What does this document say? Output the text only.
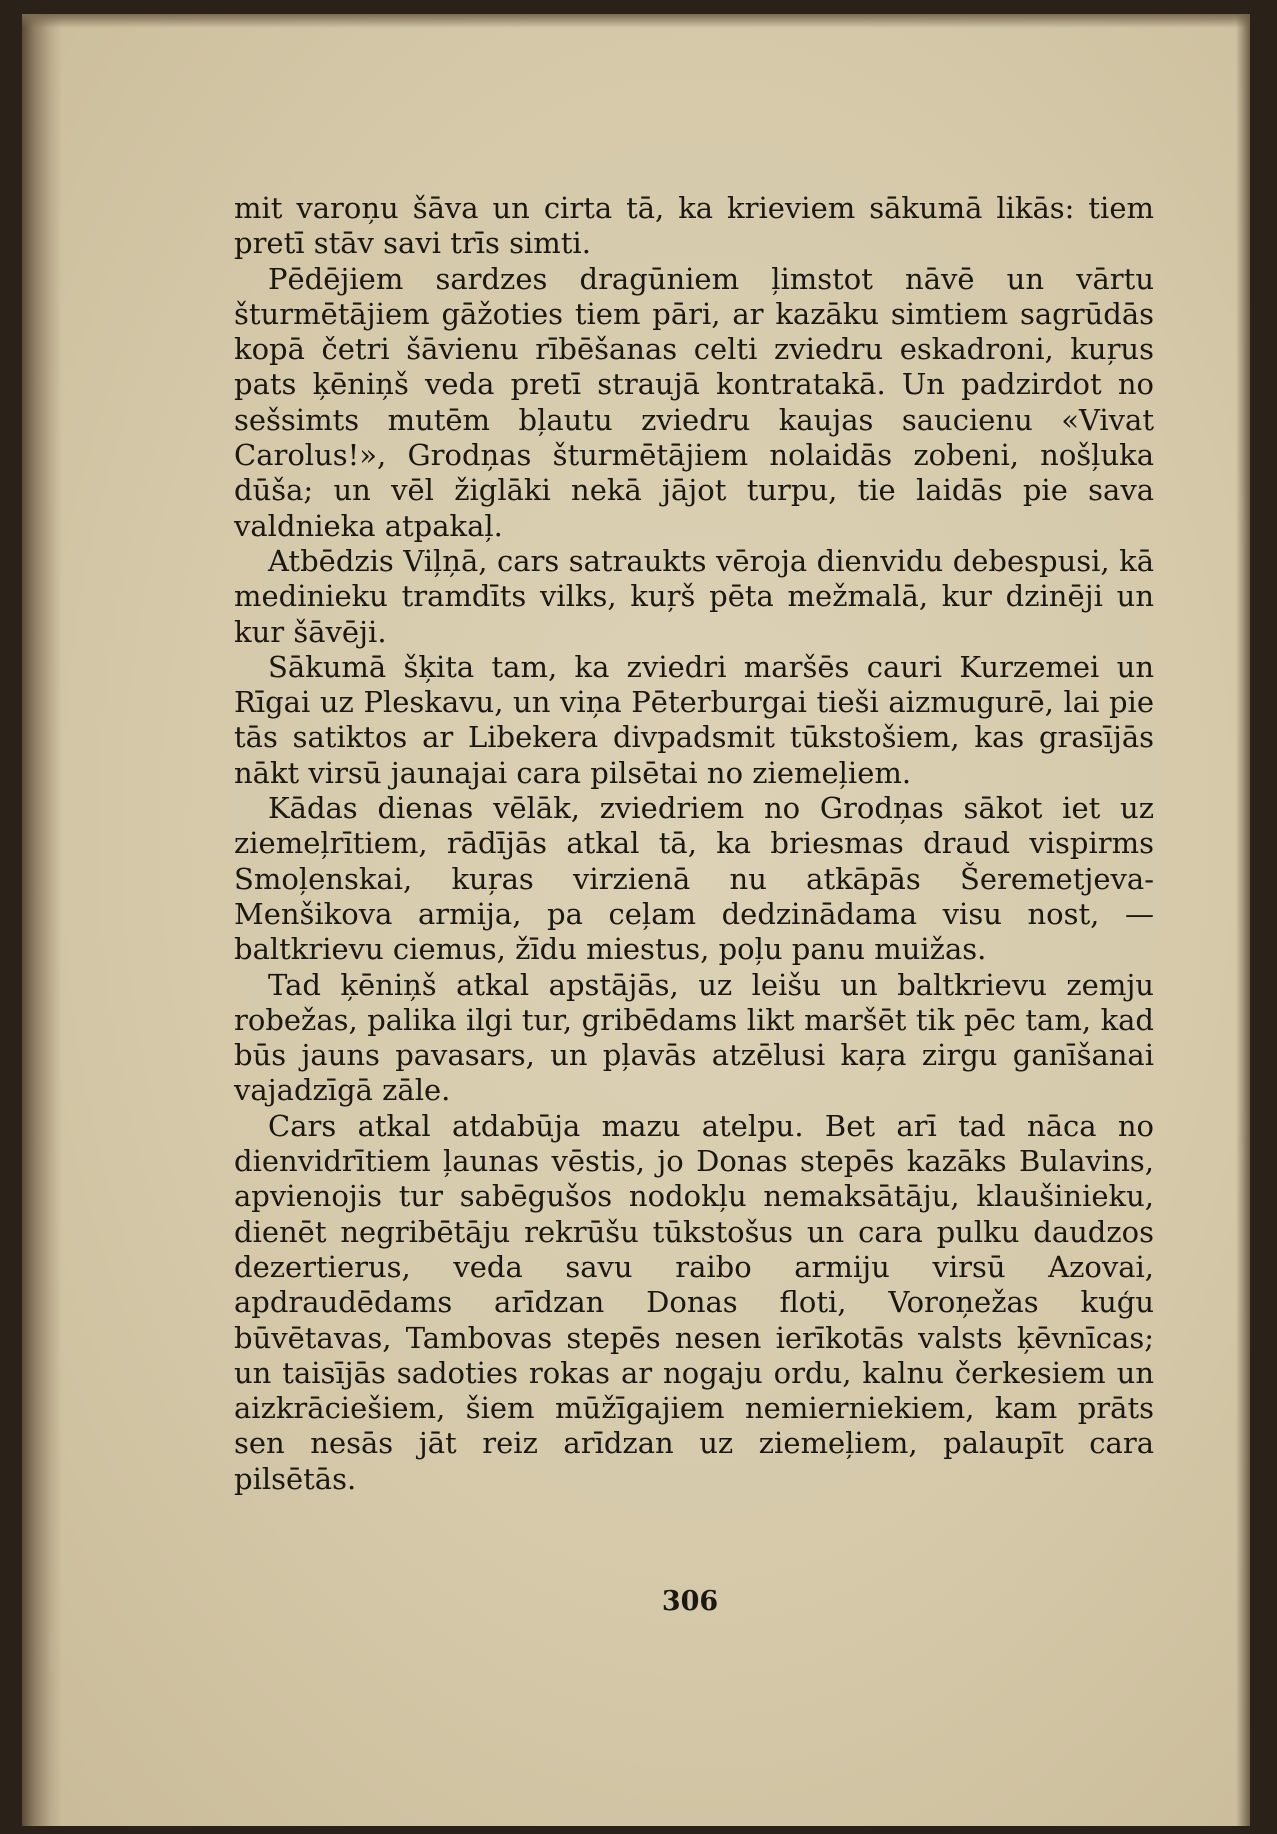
mit varoņu šāva un cirta tā, ka krieviem sākumā likās: tiem pretī stāv savi trīs simti.

Pēdējiem sardzes dragūniem ļimstot nāvē un vārtu šturmētājiem gāžoties tiem pāri, ar kazāku simtiem sagrūdās kopā četri šāvienu rībēšanas celti zviedru eskadroni, kuŗus pats ķēniņš veda pretī straujā kontratakā. Un padzirdot no sešsimts mutēm bļautu zviedru kaujas saucienu «Vivat Carolus!», Grodņas šturmētājiem nolaidās zobeni, nošļuka dūša; un vēl žiglāki nekā jājot turpu, tie laidās pie sava valdnieka atpakaļ.

Atbēdzis Viļņā, cars satraukts vēroja dienvidu debespusi, kā medinieku tramdīts vilks, kuŗš pēta mežmalā, kur dzinēji un kur šāvēji.

Sākumā šķita tam, ka zviedri maršēs cauri Kurzemei un Rīgai uz Pleskavu, un viņa Pēterburgai tieši aizmugurē, lai pie tās satiktos ar Libekera divpadsmit tūkstošiem, kas grasījās nākt virsū jaunajai cara pilsētai no ziemeļiem.

Kādas dienas vēlāk, zviedriem no Grodņas sākot iet uz ziemeļrītiem, rādījās atkal tā, ka briesmas draud vispirms Smoļenskai, kuŗas virzienā nu atkāpās Šeremetjeva-Menšikova armija, pa ceļam dedzinādama visu nost, — baltkrievu ciemus, žīdu miestus, poļu panu muižas.

Tad ķēniņš atkal apstājās, uz leišu un baltkrievu zemju robežas, palika ilgi tur, gribēdams likt maršēt tik pēc tam, kad būs jauns pavasars, un pļavās atzēlusi kaŗa zirgu ganīšanai vajadzīgā zāle.

Cars atkal atdabūja mazu atelpu. Bet arī tad nāca no dienvidrītiem ļaunas vēstis, jo Donas stepēs kazāks Bulavins, apvienojis tur sabēgušos nodokļu nemaksātāju, klaušinieku, dienēt negribētāju rekrūšu tūkstošus un cara pulku daudzos dezertierus, veda savu raibo armiju virsū Azovai, apdraudēdams arīdzan Donas floti, Voroņežas kuģu būvētavas, Tambovas stepēs nesen ierīkotās valsts ķēvnīcas; un taisījās sadoties rokas ar nogaju ordu, kalnu čerkesiem un aizkrāciešiem, šiem mūžīgajiem nemierniekiem, kam prāts sen nesās jāt reiz arīdzan uz ziemeļiem, palaupīt cara pilsētās.

306
